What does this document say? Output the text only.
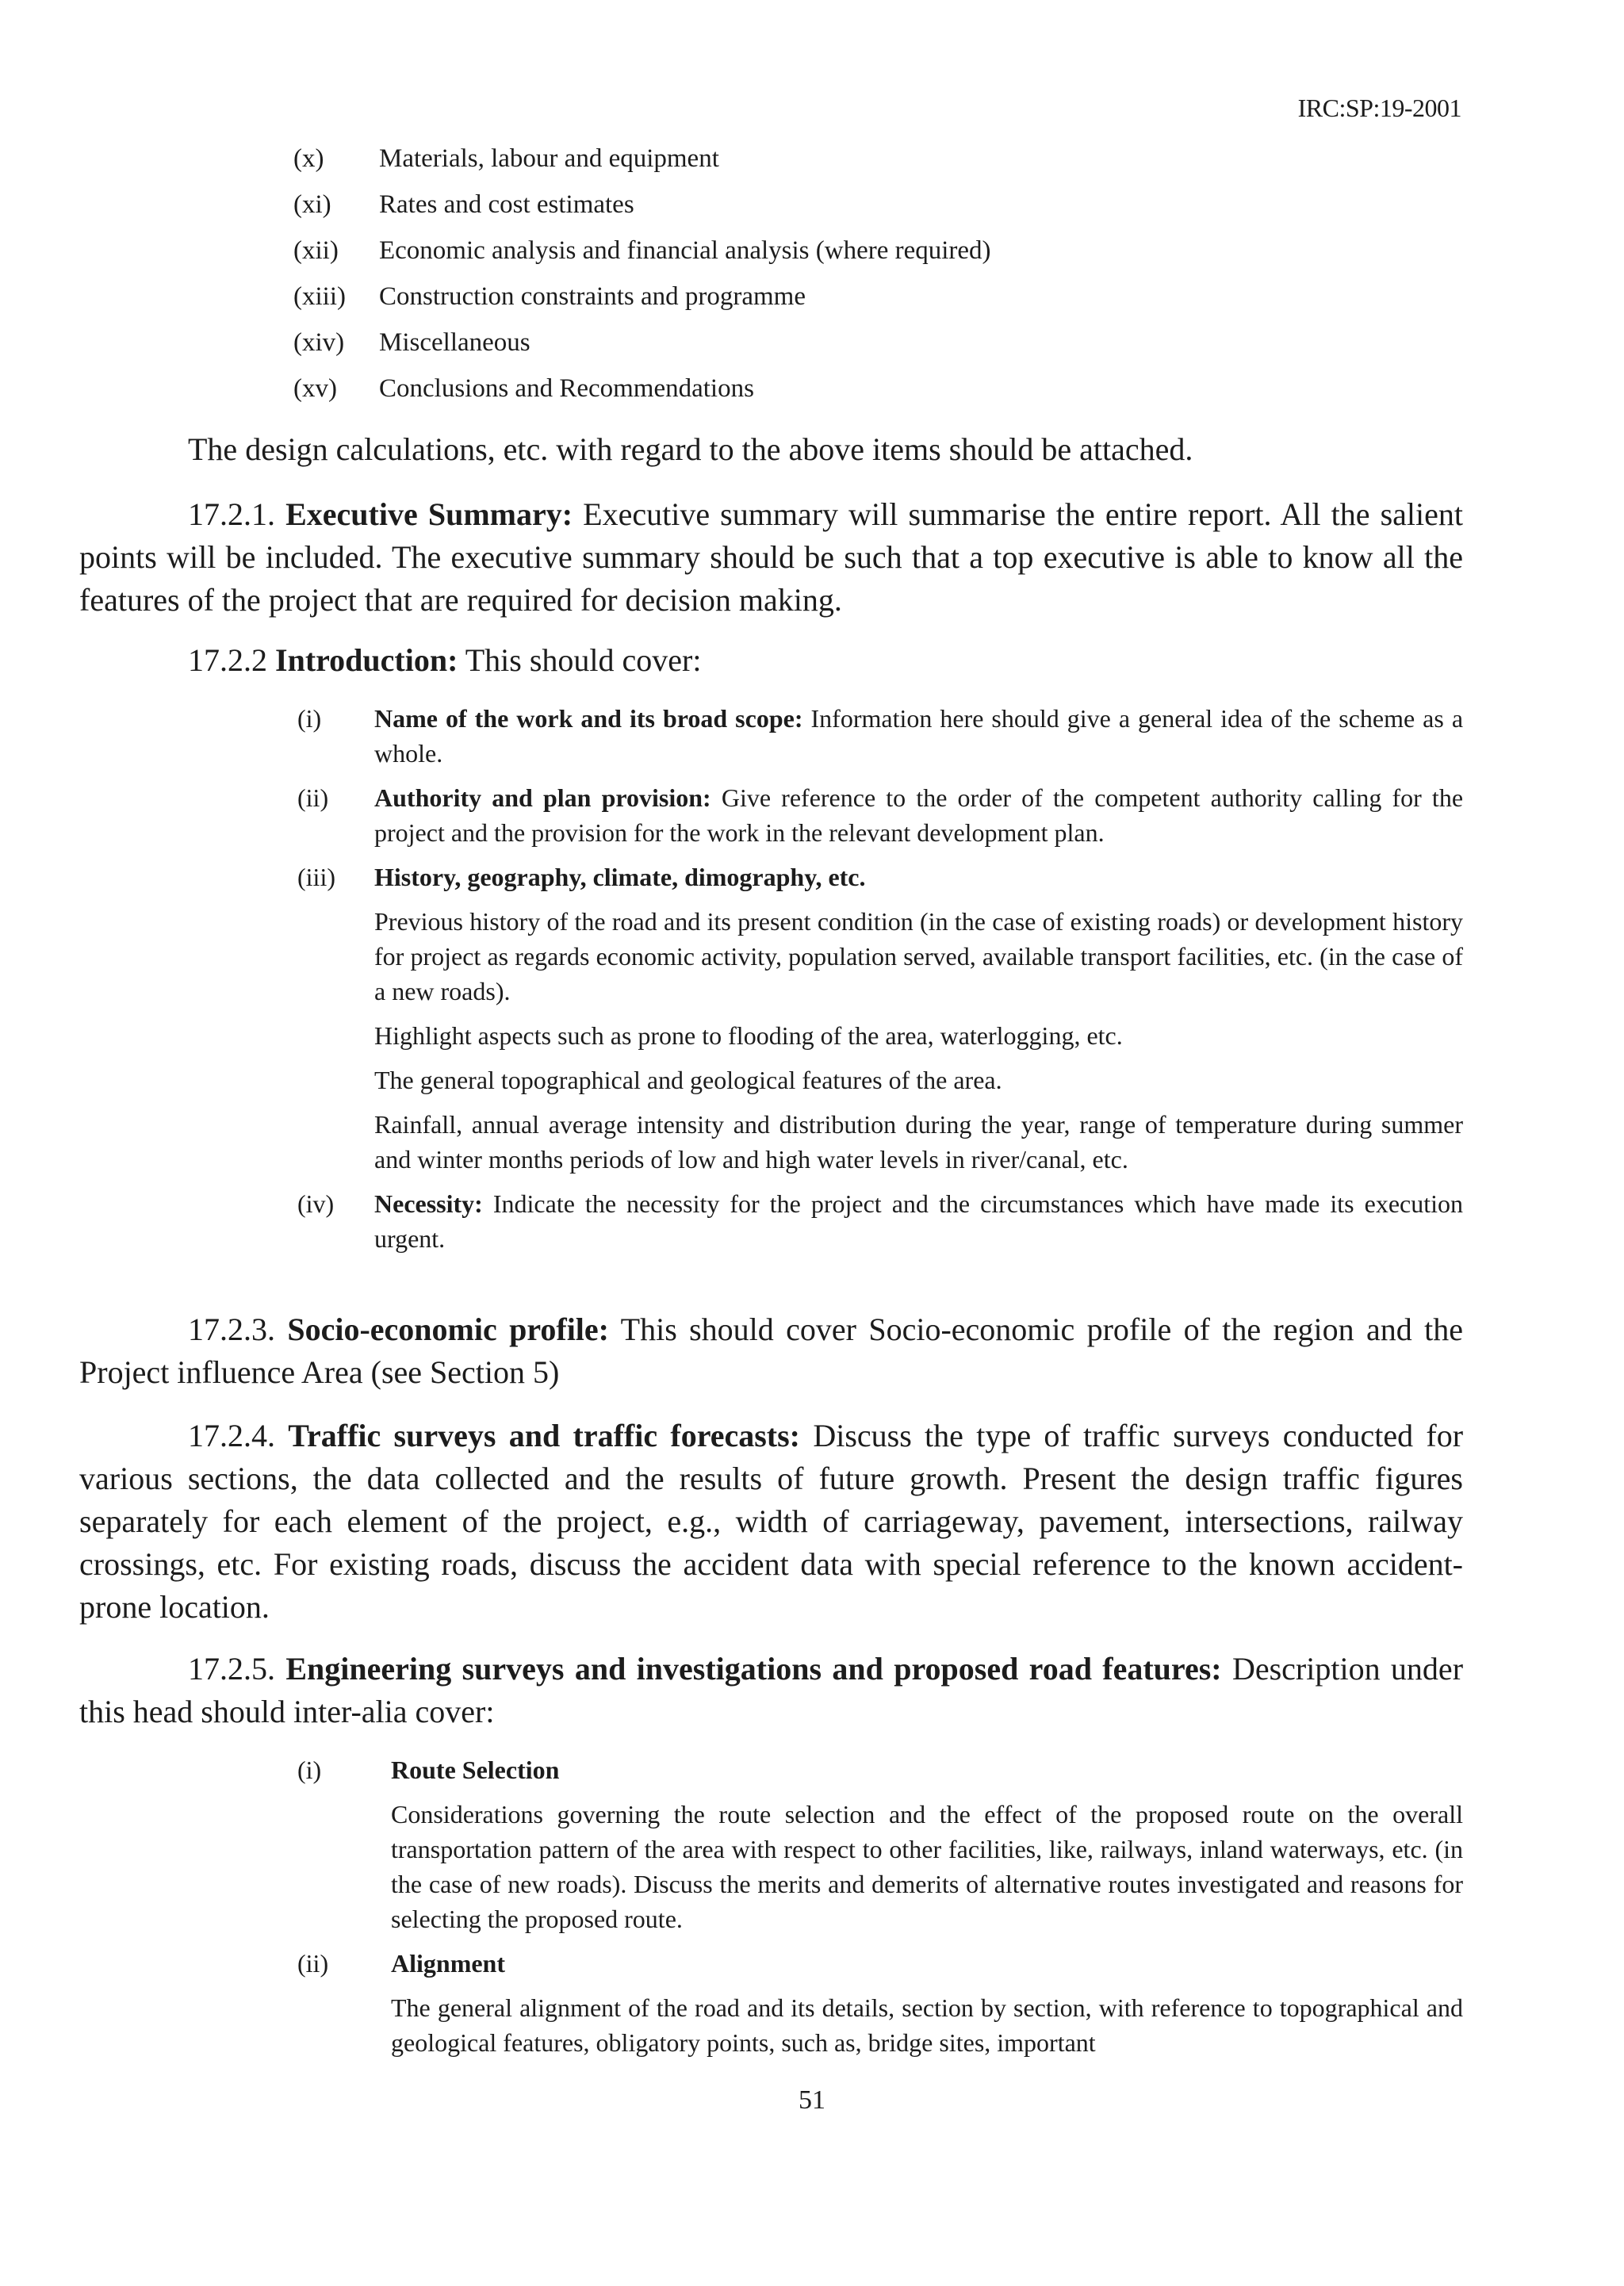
IRC:SP:19-2001
(x)	Materials, labour and equipment
(xi)	Rates and cost estimates
(xii)	Economic analysis and financial analysis (where required)
(xiii)	Construction constraints and programme
(xiv)	Miscellaneous
(xv)	Conclusions and Recommendations

The design calculations, etc. with regard to the above items should be attached.

17.2.1. Executive Summary: Executive summary will summarise the entire report. All the salient points will be included. The executive summary should be such that a top executive is able to know all the features of the project that are required for decision making.

17.2.2 Introduction: This should cover:
(i)	Name of the work and its broad scope: Information here should give a general idea of the scheme as a whole.
(ii)	Authority and plan provision: Give reference to the order of the competent authority calling for the project and the provision for the work in the relevant development plan.
(iii)	History, geography, climate, dimography, etc.

Previous history of the road and its present condition (in the case of existing roads) or development history for project as regards economic activity, population served, available transport facilities, etc. (in the case of a new roads).

Highlight aspects such as prone to flooding of the area, waterlogging, etc.

The general topographical and geological features of the area.

Rainfall, annual average intensity and distribution during the year, range of temperature during summer and winter months periods of low and high water levels in river/canal, etc.

(iv)	Necessity: Indicate the necessity for the project and the circumstances which have made its execution urgent.

17.2.3. Socio-economic profile: This should cover Socio-economic profile of the region and the Project influence Area (see Section 5)

17.2.4. Traffic surveys and traffic forecasts: Discuss the type of traffic surveys conducted for various sections, the data collected and the results of future growth. Present the design traffic figures separately for each element of the project, e.g., width of carriageway, pavement, intersections, railway crossings, etc. For existing roads, discuss the accident data with special reference to the known accident-prone location.

17.2.5. Engineering surveys and investigations and proposed road features: Description under this head should inter-alia cover:

(i)	Route Selection

Considerations governing the route selection and the effect of the proposed route on the overall transportation pattern of the area with respect to other facilities, like, railways, inland waterways, etc. (in the case of new roads). Discuss the merits and demerits of alternative routes investigated and reasons for selecting the proposed route.

(ii)	Alignment

The general alignment of the road and its details, section by section, with reference to topographical and geological features, obligatory points, such as, bridge sites, important

51
